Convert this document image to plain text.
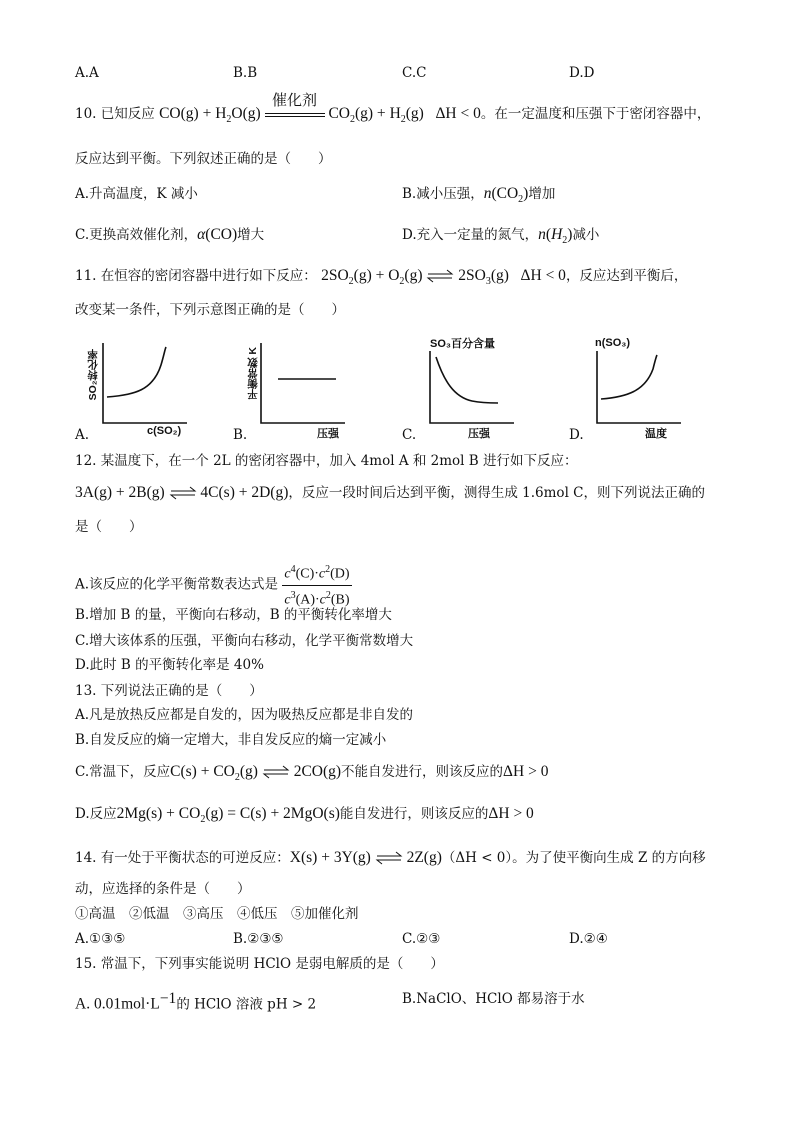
A.A	B.B	C.C	D.D
10. 已知反应 $CO(g) + H_2O(g)$
催化剂
$CO_2(g) + H_2(g) \Delta H < 0$。在一定温度和压强下于密闭容器中，
反应达到平衡。下列叙述正确的是（　　）
A.升高温度，K 减小	B.减小压强，$n(CO_2)$增加
C.更换高效催化剂，α(CO)增大	D.充入一定量的氮气，$n(H_2)$减小
11. 在恒容的密闭容器中进行如下反应： $2SO_2(g) + O_2(g)$ ⇌ $2SO_3(g) \Delta H < 0$，反应达到平衡后，
改变某一条件，下列示意图正确的是（　　）
SO₂转化率
c(SO₂)
A.
平衡常数 K
压强
B.
SO₃百分含量
压强
C.
n(SO₃)
温度
D.
12. 某温度下，在一个 2L 的密闭容器中，加入 4mol A 和 2mol B 进行如下反应：
3A(g) + 2B(g) ⇌ 4C(s) + 2D(g)，反应一段时间后达到平衡，测得生成 1.6mol C，则下列说法正确的
是（　　）
A.该反应的化学平衡常数表达式是 $\frac{c^4(C)\cdot c^2(D)}{c^3(A)\cdot c^2(B)}$
B.增加 B 的量，平衡向右移动，B 的平衡转化率增大
C.增大该体系的压强，平衡向右移动，化学平衡常数增大
D.此时 B 的平衡转化率是 40%
13. 下列说法正确的是（　　）
A.凡是放热反应都是自发的，因为吸热反应都是非自发的
B.自发反应的熵一定增大，非自发反应的熵一定减小
C.常温下，反应$C(s) + CO_2(g)$ ⇌ 2CO(g)不能自发进行，则该反应的ΔH > 0
D.反应$2Mg(s) + CO_2(g) = C(s) + 2MgO(s)$能自发进行，则该反应的ΔH > 0
14. 有一处于平衡状态的可逆反应：X(s) + 3Y(g) ⇌ 2Z(g)（ΔH < 0）。为了使平衡向生成 Z 的方向移
动，应选择的条件是（　　）
①高温　②低温　③高压　④低压　⑤加催化剂
A.①③⑤	B.②③⑤	C.②③	D.②④
15. 常温下，下列事实能说明 HClO 是弱电解质的是（　　）
A. $0.01mol\cdot L^{-1}$的 HClO 溶液 pH > 2	B.NaClO、HClO 都易溶于水
